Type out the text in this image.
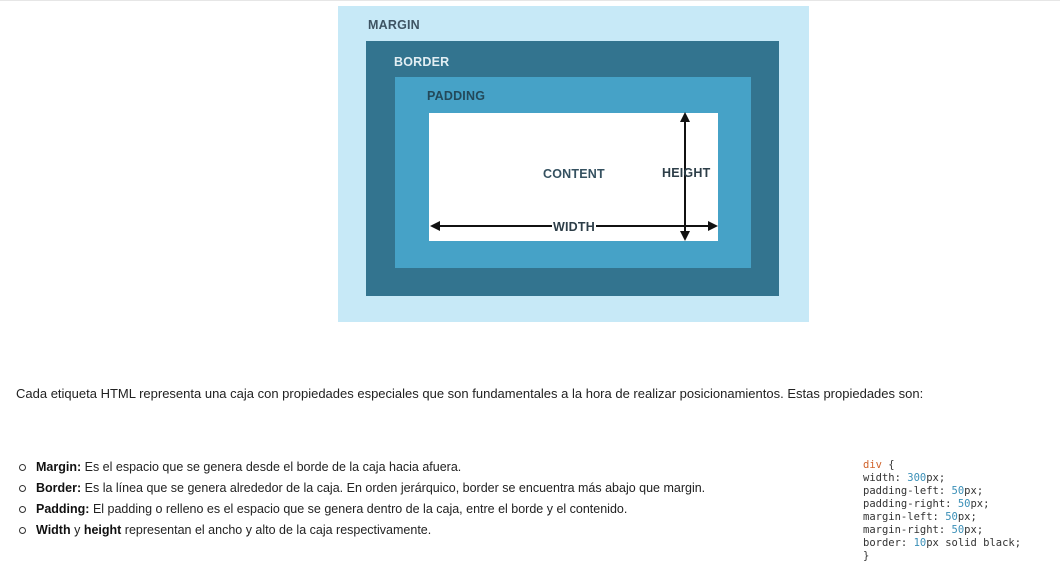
MARGIN
BORDER
PADDING
CONTENT	HEIGHT
WIDTH

Cada etiqueta HTML representa una caja con propiedades especiales que son fundamentales a la hora de realizar posicionamientos. Estas propiedades son:

Margin: Es el espacio que se genera desde el borde de la caja hacia afuera.
Border: Es la línea que se genera alrededor de la caja. En orden jerárquico, border se encuentra más abajo que margin.
Padding: El padding o relleno es el espacio que se genera dentro de la caja, entre el borde y el contenido.
Width y height representan el ancho y alto de la caja respectivamente.
div {
width: 300px;
padding-left: 50px;
padding-right: 50px;
margin-left: 50px;
margin-right: 50px;
border: 10px solid black;
}
